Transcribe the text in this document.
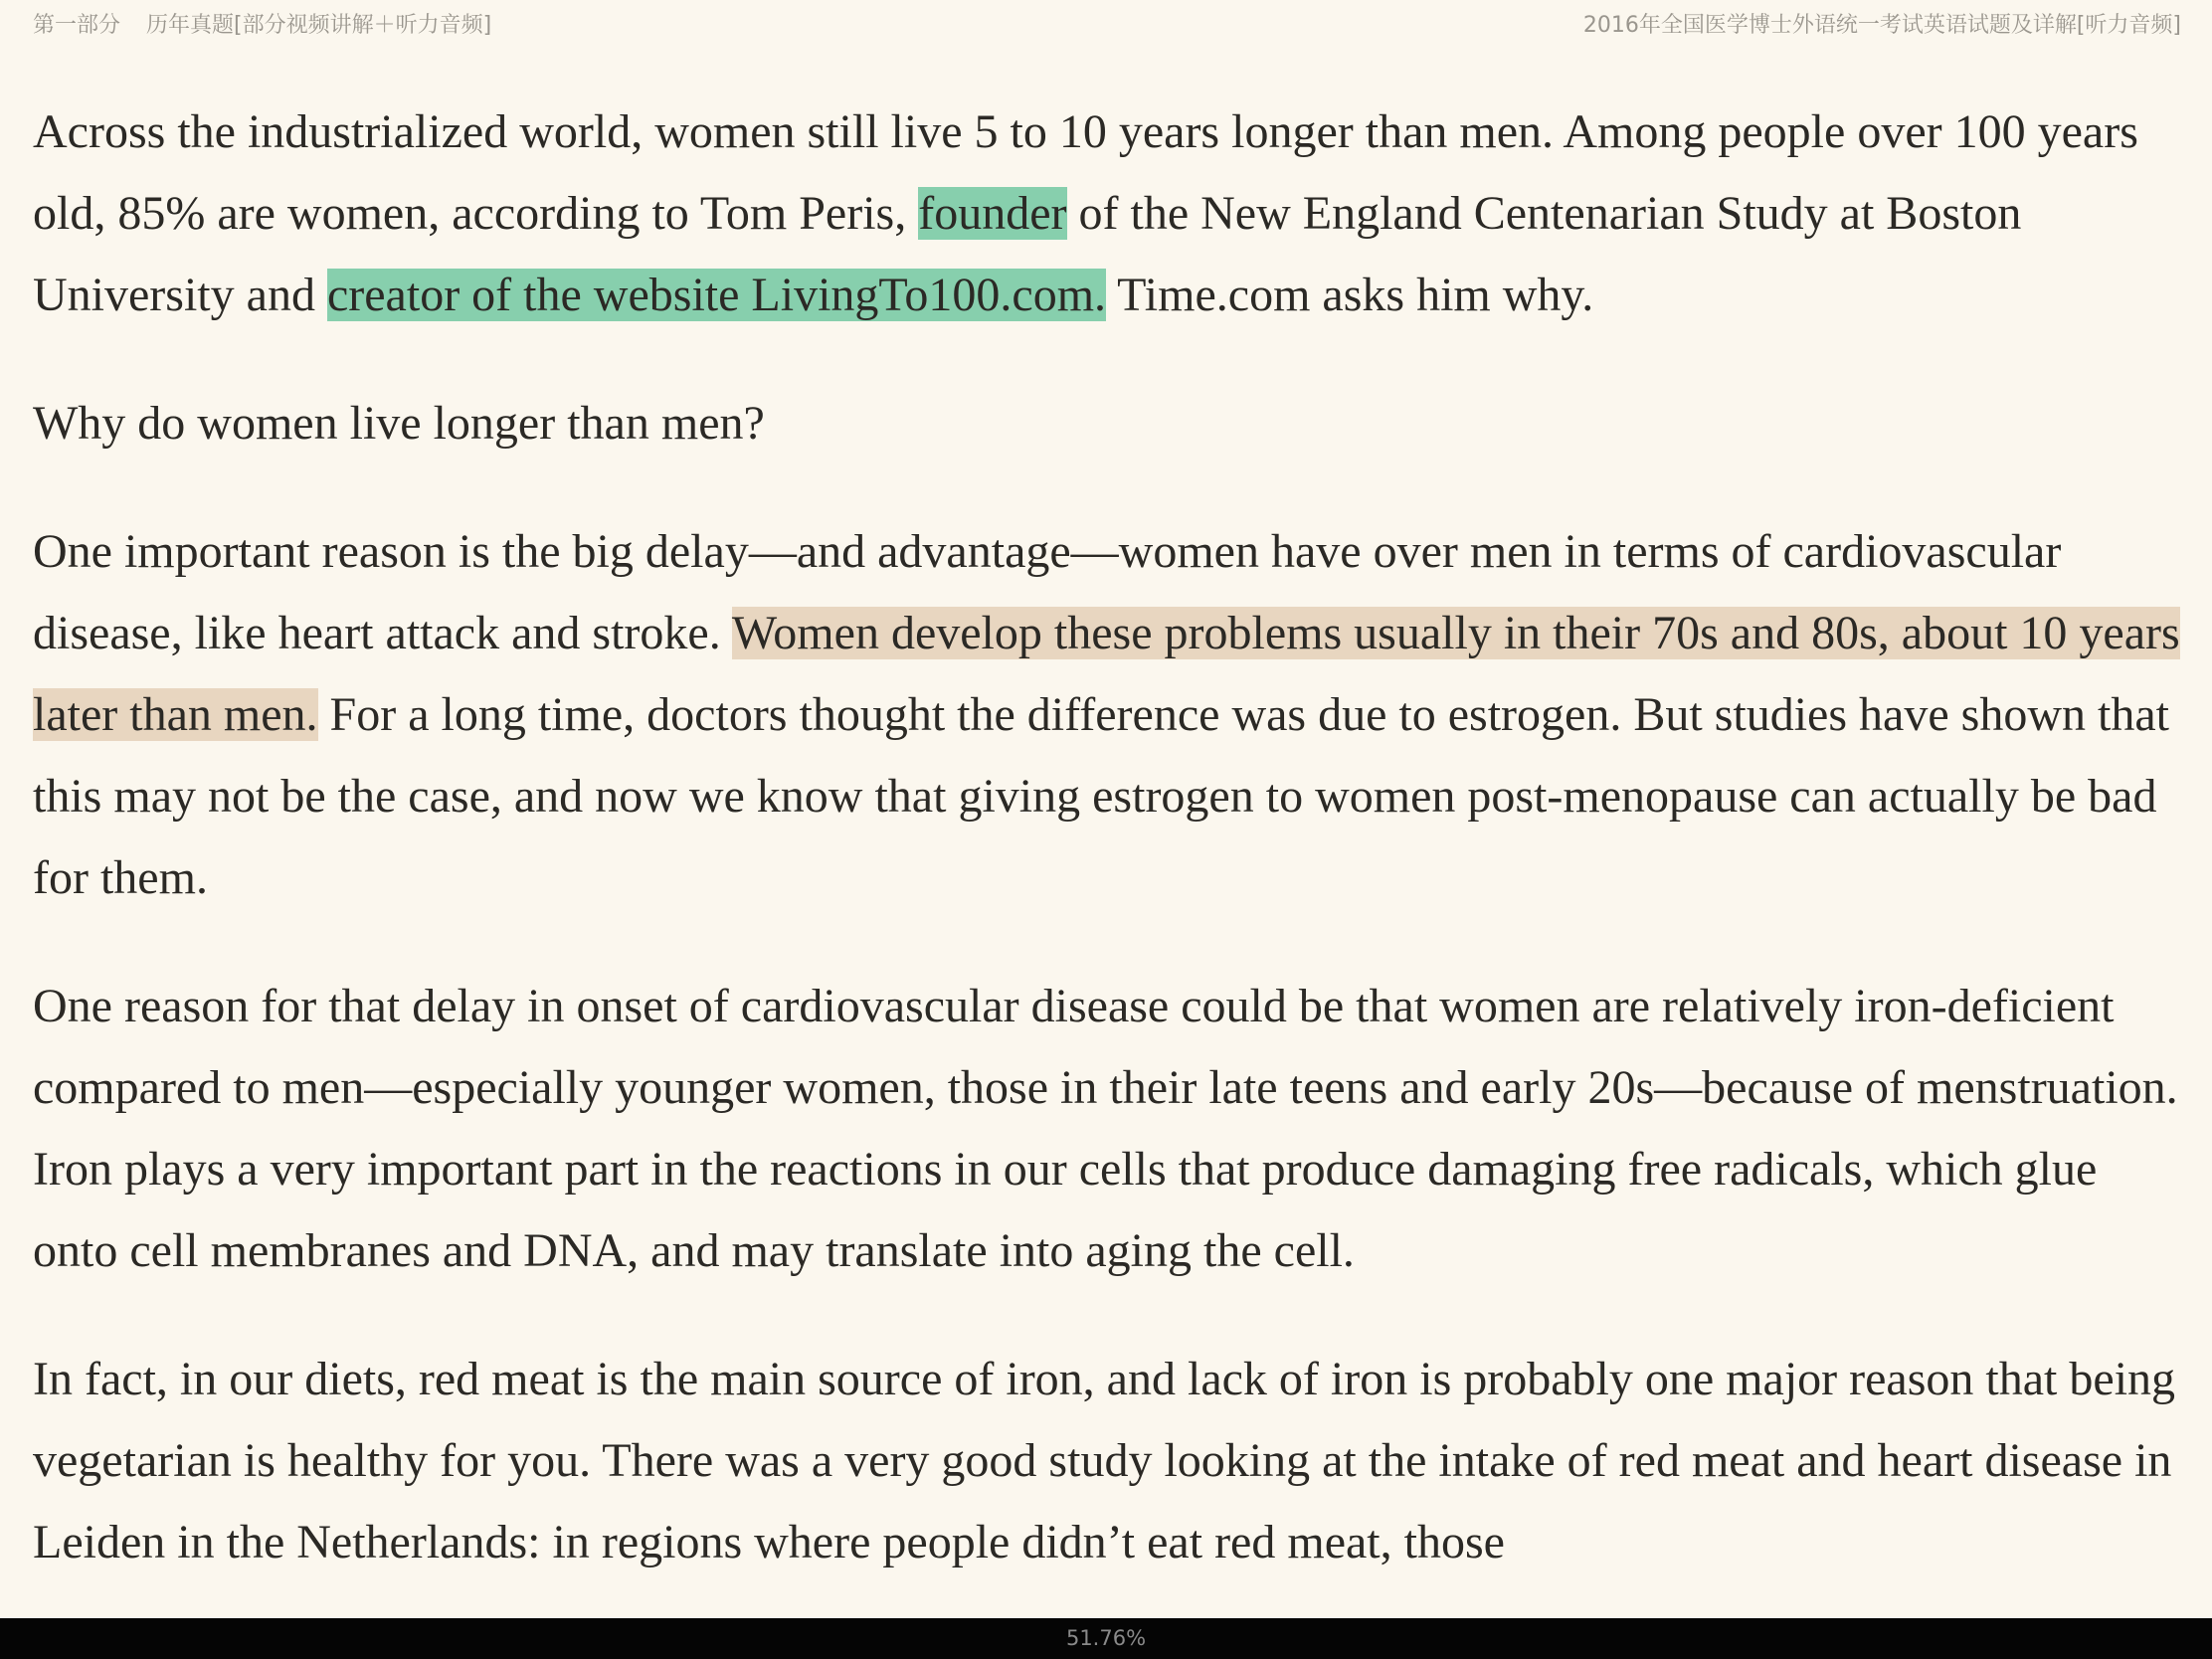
第一部分 历年真题[部分视频讲解＋听力音频]	2016年全国医学博士外语统一考试英语试题及详解[听力音频]

Across the industrialized world, women still live 5 to 10 years longer than men. Among people over 100 years old, 85% are women, according to Tom Peris, founder of the New England Centenarian Study at Boston University and creator of the website LivingTo100.com. Time.com asks him why.

Why do women live longer than men?

One important reason is the big delay—and advantage—women have over men in terms of cardiovascular disease, like heart attack and stroke. Women develop these problems usually in their 70s and 80s, about 10 years later than men. For a long time, doctors thought the difference was due to estrogen. But studies have shown that this may not be the case, and now we know that giving estrogen to women post-menopause can actually be bad for them.

One reason for that delay in onset of cardiovascular disease could be that women are relatively iron-deficient compared to men—especially younger women, those in their late teens and early 20s—because of menstruation. Iron plays a very important part in the reactions in our cells that produce damaging free radicals, which glue onto cell membranes and DNA, and may translate into aging the cell.

In fact, in our diets, red meat is the main source of iron, and lack of iron is probably one major reason that being vegetarian is healthy for you. There was a very good study looking at the intake of red meat and heart disease in Leiden in the Netherlands: in regions where people didn’t eat red meat, those

51.76%
